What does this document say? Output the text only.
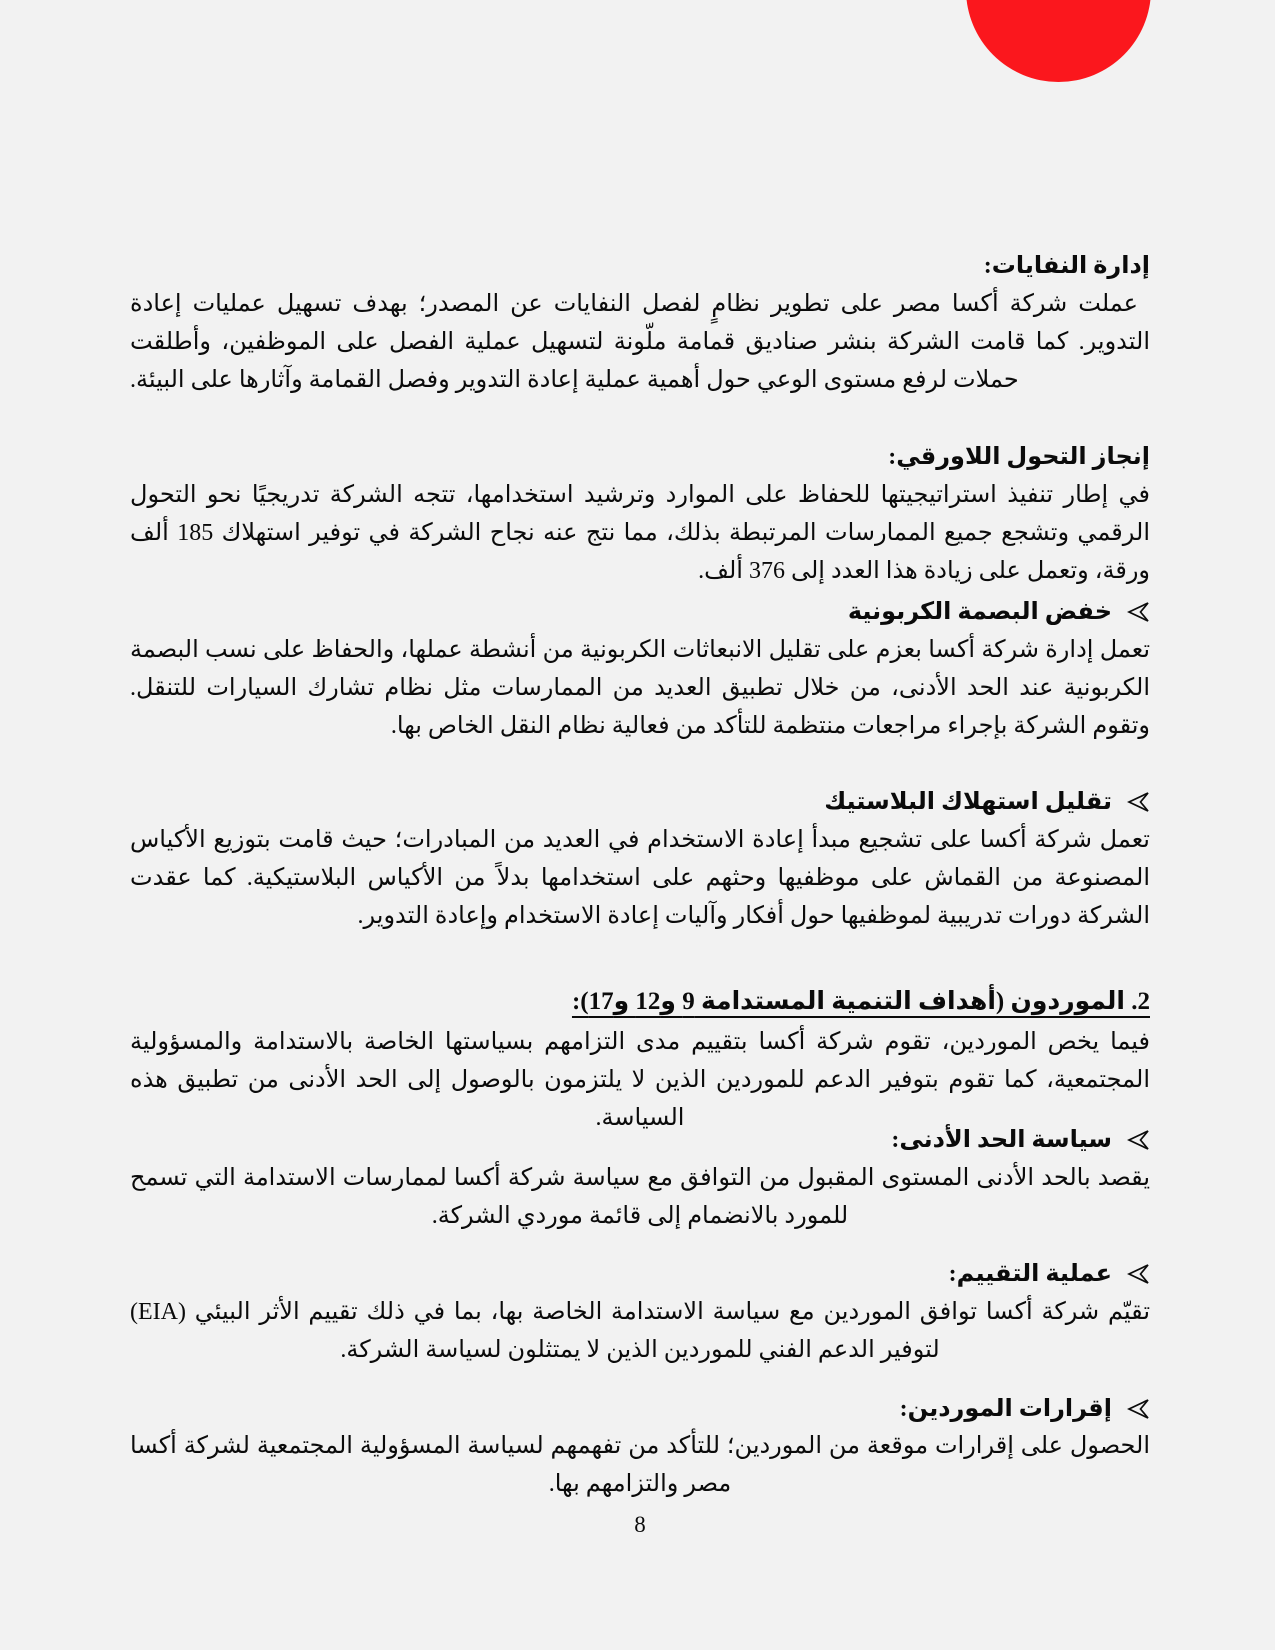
إدارة النفايات:

عملت شركة أكسا مصر على تطوير نظامٍ لفصل النفايات عن المصدر؛ بهدف تسهيل عمليات إعادة التدوير. كما قامت الشركة بنشر صناديق قمامة ملّونة لتسهيل عملية الفصل على الموظفين، وأطلقت حملات لرفع مستوى الوعي حول أهمية عملية إعادة التدوير وفصل القمامة وآثارها على البيئة.

إنجاز التحول اللاورقي:

في إطار تنفيذ استراتيجيتها للحفاظ على الموارد وترشيد استخدامها، تتجه الشركة تدريجيًا نحو التحول الرقمي وتشجع جميع الممارسات المرتبطة بذلك، مما نتج عنه نجاح الشركة في توفير استهلاك 185 ألف ورقة، وتعمل على زيادة هذا العدد إلى 376 ألف.

خفض البصمة الكربونية

تعمل إدارة شركة أكسا بعزم على تقليل الانبعاثات الكربونية من أنشطة عملها، والحفاظ على نسب البصمة الكربونية عند الحد الأدنى، من خلال تطبيق العديد من الممارسات مثل نظام تشارك السيارات للتنقل. وتقوم الشركة بإجراء مراجعات منتظمة للتأكد من فعالية نظام النقل الخاص بها.

تقليل استهلاك البلاستيك

تعمل شركة أكسا على تشجيع مبدأ إعادة الاستخدام في العديد من المبادرات؛ حيث قامت بتوزيع الأكياس المصنوعة من القماش على موظفيها وحثهم على استخدامها بدلاً من الأكياس البلاستيكية. كما عقدت الشركة دورات تدريبية لموظفيها حول أفكار وآليات إعادة الاستخدام وإعادة التدوير.

2. الموردون (أهداف التنمية المستدامة 9 و12 و17):

فيما يخص الموردين، تقوم شركة أكسا بتقييم مدى التزامهم بسياستها الخاصة بالاستدامة والمسؤولية المجتمعية، كما تقوم بتوفير الدعم للموردين الذين لا يلتزمون بالوصول إلى الحد الأدنى من تطبيق هذه السياسة.

سياسة الحد الأدنى:

يقصد بالحد الأدنى المستوى المقبول من التوافق مع سياسة شركة أكسا لممارسات الاستدامة التي تسمح للمورد بالانضمام إلى قائمة موردي الشركة.

عملية التقييم:

تقيّم شركة أكسا توافق الموردين مع سياسة الاستدامة الخاصة بها، بما في ذلك تقييم الأثر البيئي (EIA) لتوفير الدعم الفني للموردين الذين لا يمتثلون لسياسة الشركة.

إقرارات الموردين:

الحصول على إقرارات موقعة من الموردين؛ للتأكد من تفهمهم لسياسة المسؤولية المجتمعية لشركة أكسا مصر والتزامهم بها.

8
